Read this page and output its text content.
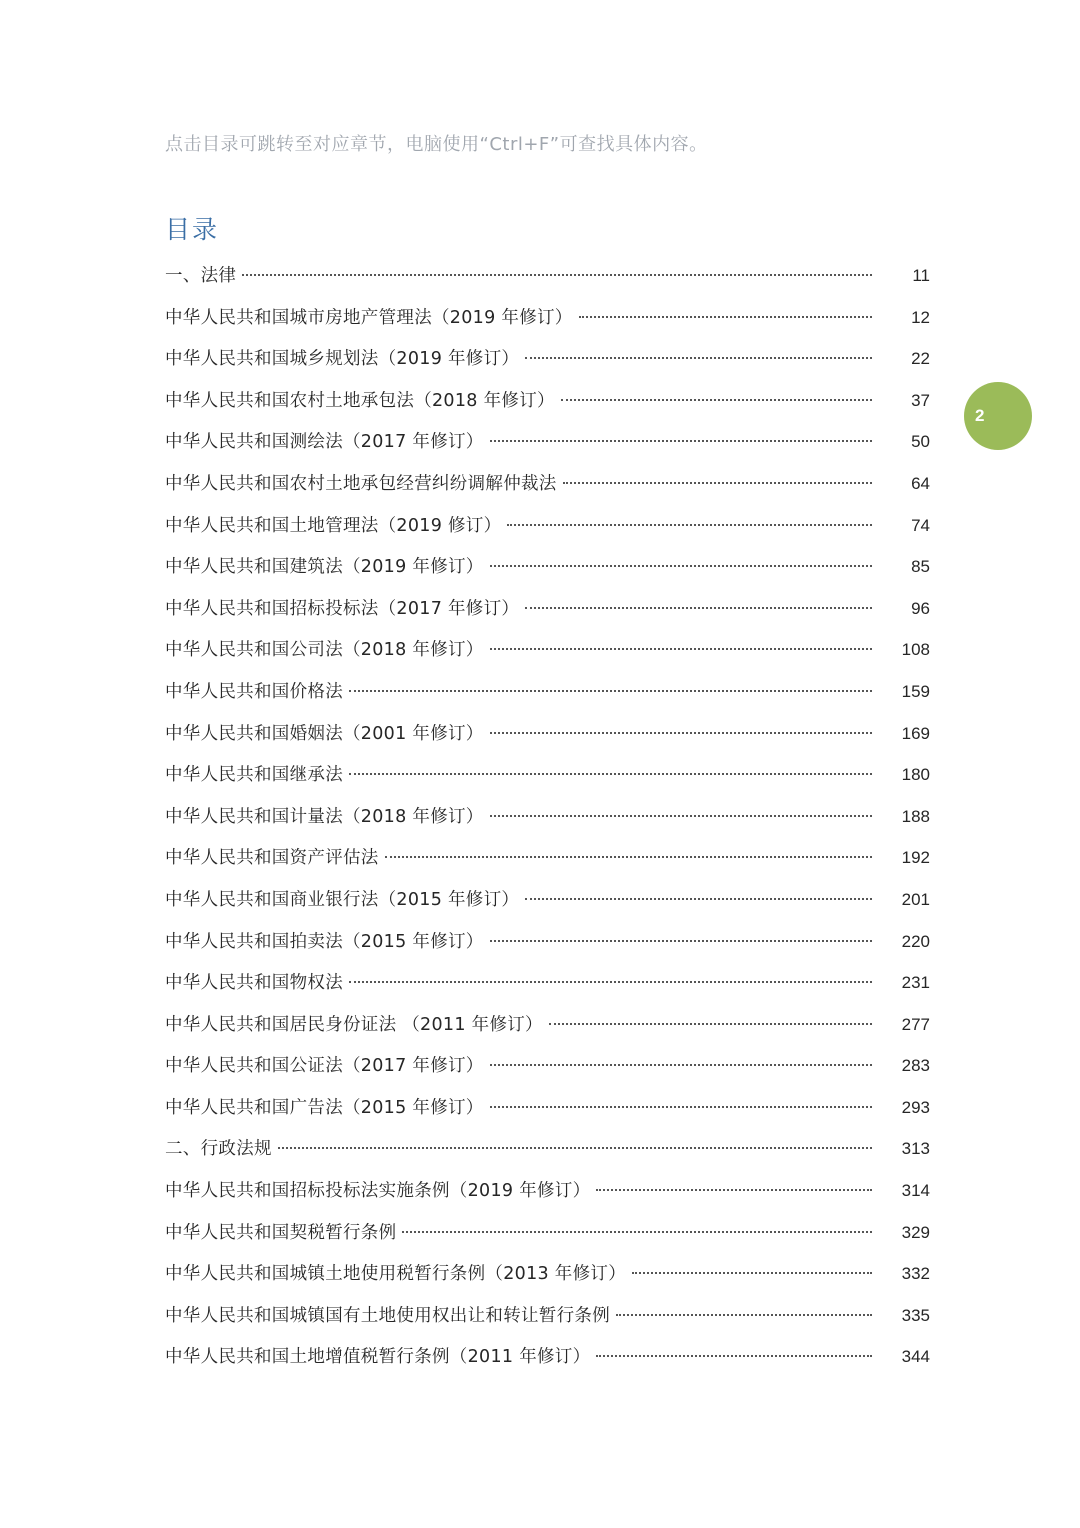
点击目录可跳转至对应章节，电脑使用“Ctrl+F”可查找具体内容。
目录
一、法律	11
中华人民共和国城市房地产管理法（2019 年修订）	12
中华人民共和国城乡规划法（2019 年修订）	22
中华人民共和国农村土地承包法（2018 年修订）	37
中华人民共和国测绘法（2017 年修订）	50
中华人民共和国农村土地承包经营纠纷调解仲裁法	64
中华人民共和国土地管理法（2019 修订）	74
中华人民共和国建筑法（2019 年修订）	85
中华人民共和国招标投标法（2017 年修订）	96
中华人民共和国公司法（2018 年修订）	108
中华人民共和国价格法	159
中华人民共和国婚姻法（2001 年修订）	169
中华人民共和国继承法	180
中华人民共和国计量法（2018 年修订）	188
中华人民共和国资产评估法	192
中华人民共和国商业银行法（2015 年修订）	201
中华人民共和国拍卖法（2015 年修订）	220
中华人民共和国物权法	231
中华人民共和国居民身份证法 （2011 年修订）	277
中华人民共和国公证法（2017 年修订）	283
中华人民共和国广告法（2015 年修订）	293
二、行政法规	313
中华人民共和国招标投标法实施条例（2019 年修订）	314
中华人民共和国契税暂行条例	329
中华人民共和国城镇土地使用税暂行条例（2013 年修订）	332
中华人民共和国城镇国有土地使用权出让和转让暂行条例	335
中华人民共和国土地增值税暂行条例（2011 年修订）	344
2
